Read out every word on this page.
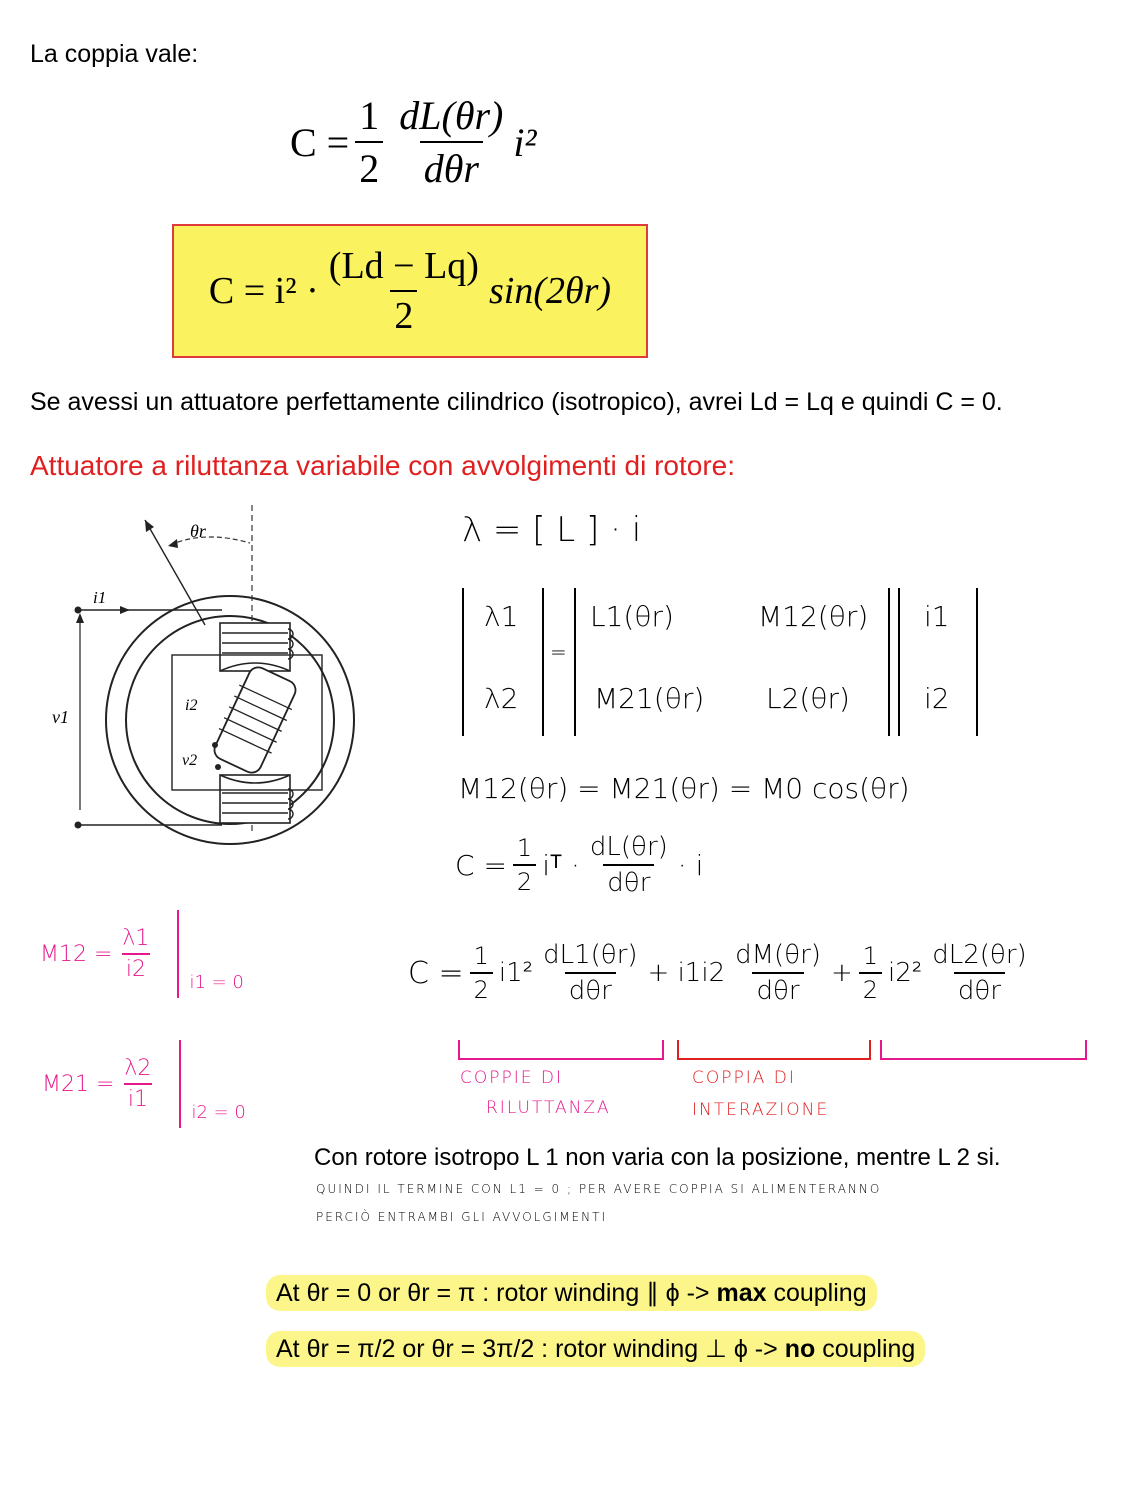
La coppia vale:
$C = \frac{1}{2} \frac{dL(\theta r)}{\text{dθr}} i^2$
$C = i^2 \cdot \frac{(Ld - Lq)}{2} \sin(2\theta r)$
Se avessi un attuatore perfettamente cilindrico (isotropico), avrei Ld = Lq e quindi C = 0.
Attuatore a riluttanza variabile con avvolgimenti di rotore:
θr
i1
v1
i2
v2
λ = [ L ] · i
λ1
λ2
=
L1(θr)	M12(θr)
M21(θr) L2(θr)
i1
i2
M12(θr) = M21(θr) = M0 cos(θr)
$C = \frac{1}{2}$ iᵀ · $\frac{dL(\theta r)}{\text{dθr}} \cdot i$
$C = \frac{1}{2} i1^2 \frac{dL1(\theta r)}{\text{dθr}} + i1i2 \frac{dM(\theta r)}{\text{dθr}} + \frac{1}{2} i2^2 \frac{dL2(\theta r)}{\text{dθr}}$
COPPIE DI
RILUTTANZA
COPPIA DI
INTERAZIONE
$M12 = \frac{\lambda 1}{i2} i1 = 0$
$M21 = \frac{\lambda 2}{i1} i2 = 0$
Con rotore isotropo L 1 non varia con la posizione, mentre L 2 si.
QUINDI IL TERMINE CON L1 = 0 ; PER AVERE COPPIA SI ALIMENTERANNO
PERCIÒ ENTRAMBI GLI AVVOLGIMENTI
At θr = 0 or θr = π : rotor winding ∥ ϕ -> max coupling
At θr = π/2 or θr = 3π/2 : rotor winding ⊥ ϕ -> no coupling
